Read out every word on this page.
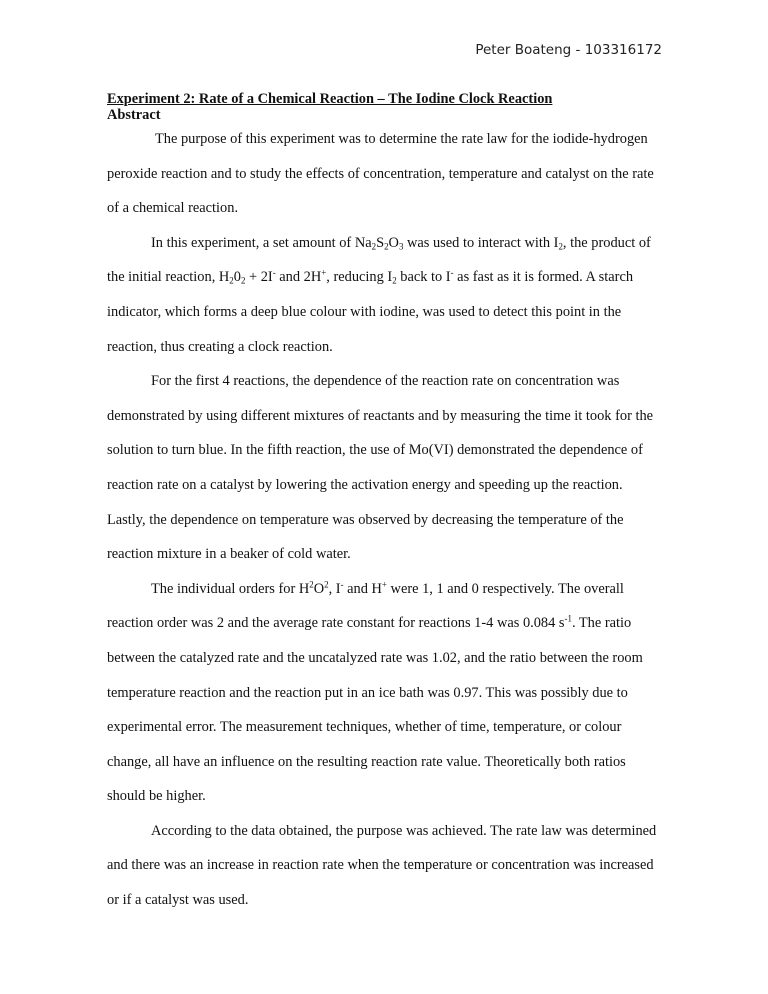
Peter Boateng - 103316172
Experiment 2: Rate of a Chemical Reaction – The Iodine Clock Reaction
Abstract

The purpose of this experiment was to determine the rate law for the iodide-hydrogen peroxide reaction and to study the effects of concentration, temperature and catalyst on the rate of a chemical reaction.

In this experiment, a set amount of $Na_2S_2O_3$ was used to interact with $I_2$, the product of the initial reaction, $H_20_2 + 2I^-$ and 2H+, reducing $I_2$ back to I- as fast as it is formed. A starch indicator, which forms a deep blue colour with iodine, was used to detect this point in the reaction, thus creating a clock reaction.

For the first 4 reactions, the dependence of the reaction rate on concentration was demonstrated by using different mixtures of reactants and by measuring the time it took for the solution to turn blue. In the fifth reaction, the use of Mo(VI) demonstrated the dependence of reaction rate on a catalyst by lowering the activation energy and speeding up the reaction. Lastly, the dependence on temperature was observed by decreasing the temperature of the reaction mixture in a beaker of cold water.

The individual orders for $H^2O^2$, I- and H+ were 1, 1 and 0 respectively. The overall reaction order was 2 and the average rate constant for reactions 1-4 was 0.084 $s^{-1}$. The ratio between the catalyzed rate and the uncatalyzed rate was 1.02, and the ratio between the room temperature reaction and the reaction put in an ice bath was 0.97. This was possibly due to experimental error. The measurement techniques, whether of time, temperature, or colour change, all have an influence on the resulting reaction rate value. Theoretically both ratios should be higher.

According to the data obtained, the purpose was achieved. The rate law was determined and there was an increase in reaction rate when the temperature or concentration was increased or if a catalyst was used.
